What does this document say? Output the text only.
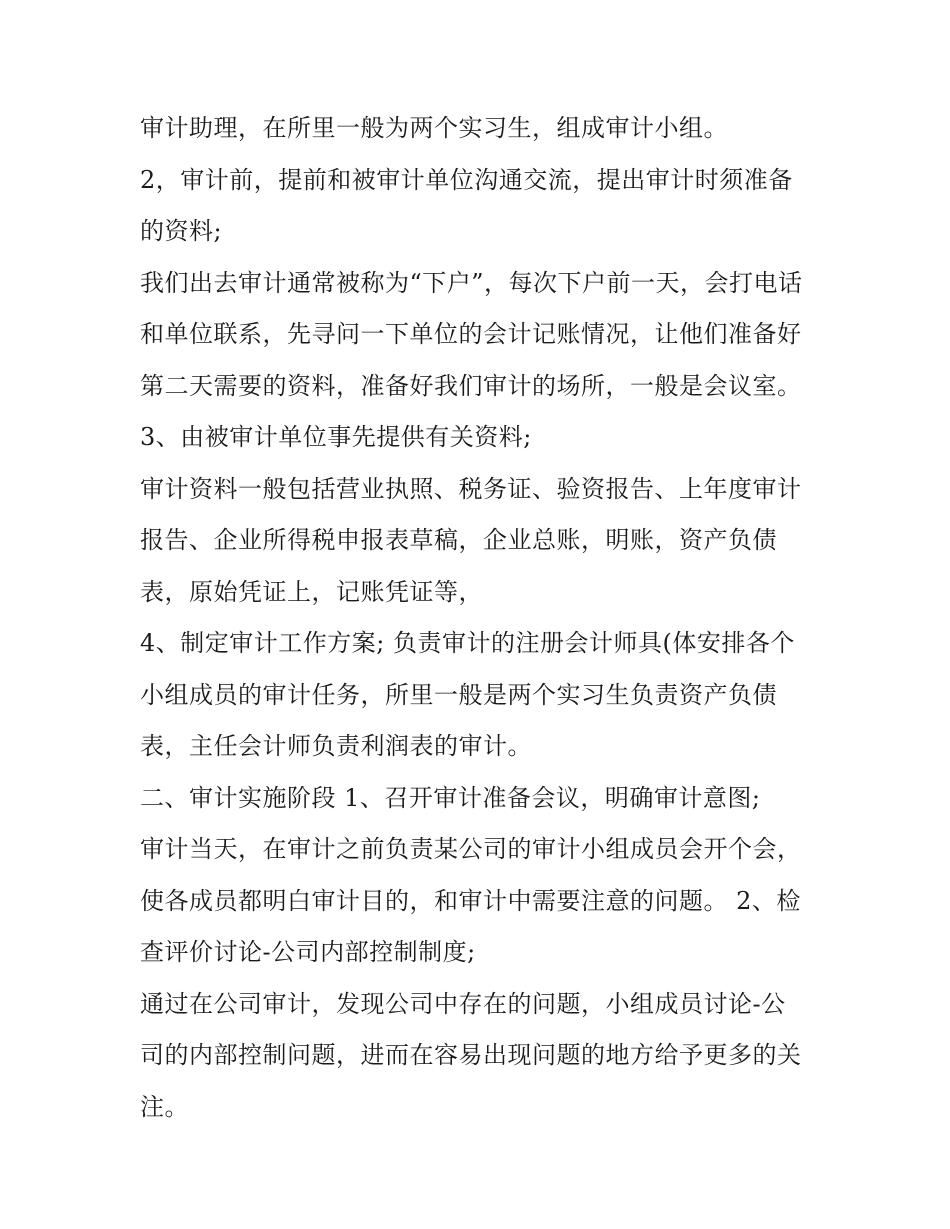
审计助理，在所里一般为两个实习生，组成审计小组。
2，审计前，提前和被审计单位沟通交流，提出审计时须准备
的资料;
我们出去审计通常被称为“下户”，每次下户前一天，会打电话
和单位联系，先寻问一下单位的会计记账情况，让他们准备好
第二天需要的资料，准备好我们审计的场所，一般是会议室。
3、由被审计单位事先提供有关资料;
审计资料一般包括营业执照、税务证、验资报告、上年度审计
报告、企业所得税申报表草稿，企业总账，明账，资产负债
表，原始凭证上，记账凭证等，
4、制定审计工作方案; 负责审计的注册会计师具(体安排各个
小组成员的审计任务，所里一般是两个实习生负责资产负债
表，主任会计师负责利润表的审计。
二、审计实施阶段 1、召开审计准备会议，明确审计意图;
审计当天，在审计之前负责某公司的审计小组成员会开个会，
使各成员都明白审计目的，和审计中需要注意的问题。 2、检
查评价讨论-公司内部控制制度;
通过在公司审计，发现公司中存在的问题，小组成员讨论-公
司的内部控制问题，进而在容易出现问题的地方给予更多的关
注。
